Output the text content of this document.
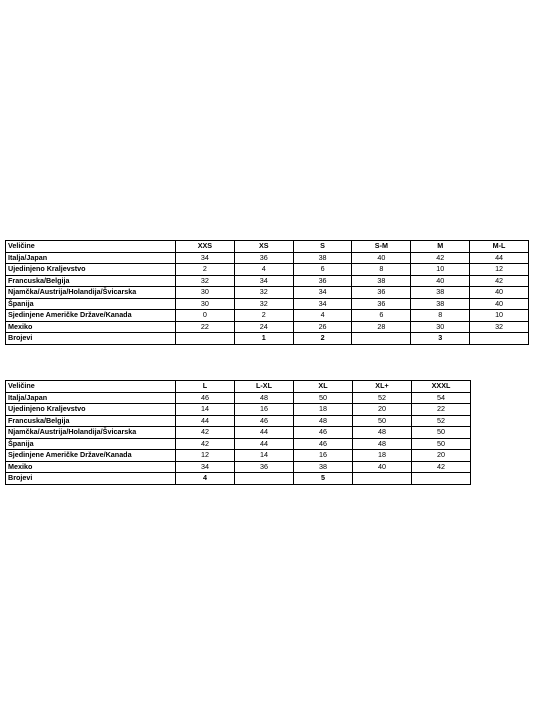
Veličine	XXS	XS	S	S-M	M	M-L
Italja/Japan	34	36	38	40	42	44
Ujedinjeno Kraljevstvo	2	4	6	8	10	12
Francuska/Belgija	32	34	36	38	40	42
Njamčka/Austrija/Holandija/Švicarska	30	32	34	36	38	40
Španija	30	32	34	36	38	40
Sjedinjene Američke Države/Kanada	0	2	4	6	8	10
Mexiko	22	24	26	28	30	32
Brojevi		1	2		3	
Veličine	L	L-XL	XL	XL+	XXXL
Italja/Japan	46	48	50	52	54
Ujedinjeno Kraljevstvo	14	16	18	20	22
Francuska/Belgija	44	46	48	50	52
Njamčka/Austrija/Holandija/Švicarska	42	44	46	48	50
Španija	42	44	46	48	50
Sjedinjene Američke Države/Kanada	12	14	16	18	20
Mexiko	34	36	38	40	42
Brojevi	4		5		
